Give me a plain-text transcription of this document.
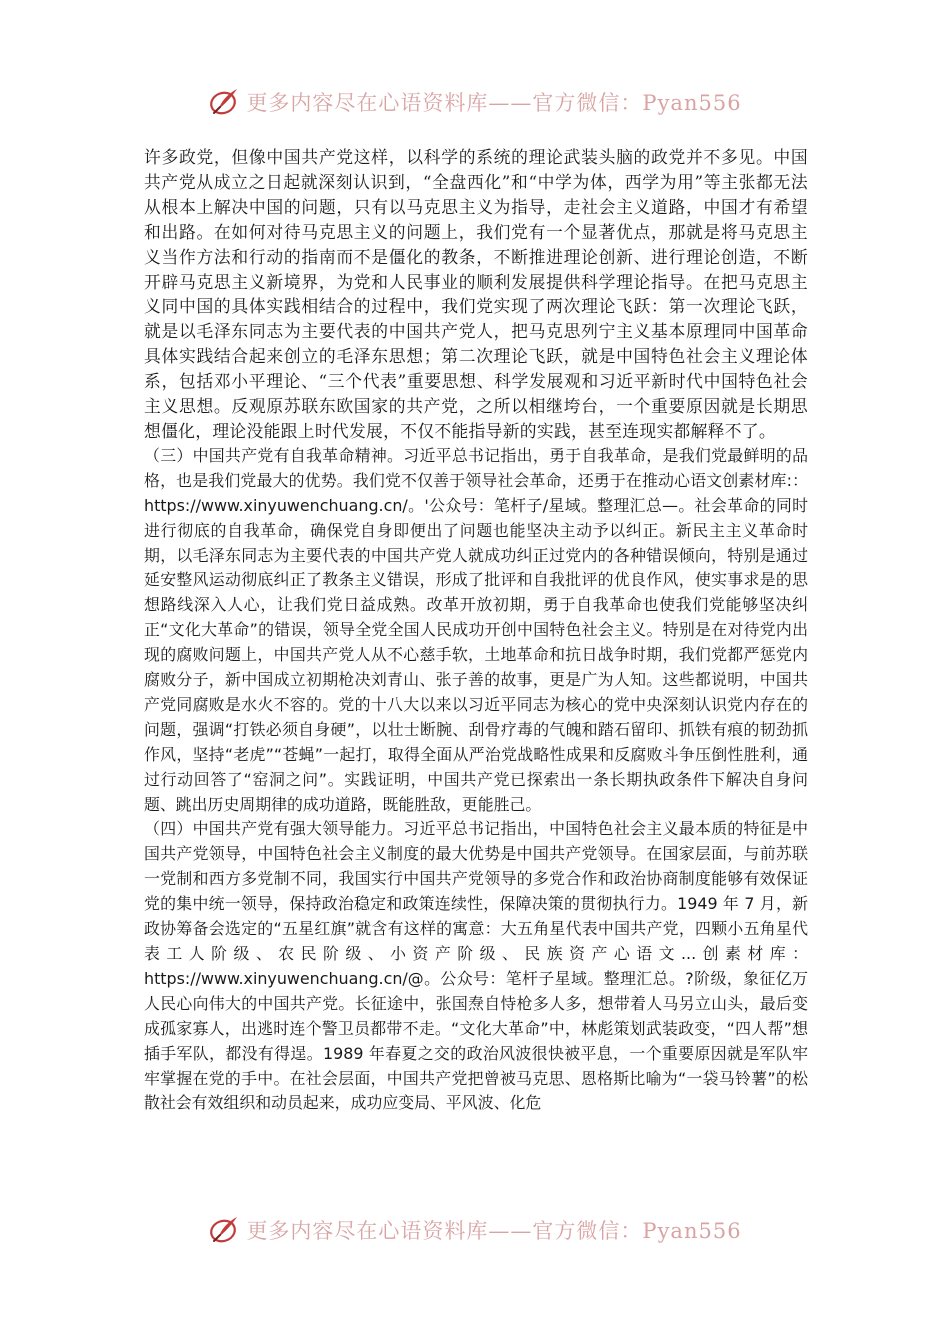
更多内容尽在心语资料库——官方微信：Pyan556

许多政党，但像中国共产党这样，以科学的系统的理论武装头脑的政党并不多见。中国共产党从成立之日起就深刻认识到，“全盘西化”和“中学为体，西学为用”等主张都无法从根本上解决中国的问题，只有以马克思主义为指导，走社会主义道路，中国才有希望和出路。在如何对待马克思主义的问题上，我们党有一个显著优点，那就是将马克思主义当作方法和行动的指南而不是僵化的教条，不断推进理论创新、进行理论创造，不断开辟马克思主义新境界，为党和人民事业的顺利发展提供科学理论指导。在把马克思主义同中国的具体实践相结合的过程中，我们党实现了两次理论飞跃：第一次理论飞跃，就是以毛泽东同志为主要代表的中国共产党人，把马克思列宁主义基本原理同中国革命具体实践结合起来创立的毛泽东思想；第二次理论飞跃，就是中国特色社会主义理论体系，包括邓小平理论、“三个代表”重要思想、科学发展观和习近平新时代中国特色社会主义思想。反观原苏联东欧国家的共产党，之所以相继垮台，一个重要原因就是长期思想僵化，理论没能跟上时代发展，不仅不能指导新的实践，甚至连现实都解释不了。

（三）中国共产党有自我革命精神。习近平总书记指出，勇于自我革命，是我们党最鲜明的品格，也是我们党最大的优势。我们党不仅善于领导社会革命，还勇于在推动心语文创素材库:：https://www.xinyuwenchuang.cn/。'公众号：笔杆子/星域。整理汇总—。社会革命的同时进行彻底的自我革命，确保党自身即便出了问题也能坚决主动予以纠正。新民主主义革命时期，以毛泽东同志为主要代表的中国共产党人就成功纠正过党内的各种错误倾向，特别是通过延安整风运动彻底纠正了教条主义错误，形成了批评和自我批评的优良作风，使实事求是的思想路线深入人心，让我们党日益成熟。改革开放初期，勇于自我革命也使我们党能够坚决纠正“文化大革命”的错误，领导全党全国人民成功开创中国特色社会主义。特别是在对待党内出现的腐败问题上，中国共产党人从不心慈手软，土地革命和抗日战争时期，我们党都严惩党内腐败分子，新中国成立初期枪决刘青山、张子善的故事，更是广为人知。这些都说明，中国共产党同腐败是水火不容的。党的十八大以来以习近平同志为核心的党中央深刻认识党内存在的问题，强调“打铁必须自身硬”，以壮士断腕、刮骨疗毒的气魄和踏石留印、抓铁有痕的韧劲抓作风，坚持“老虎”“苍蝇”一起打，取得全面从严治党战略性成果和反腐败斗争压倒性胜利，通过行动回答了“窑洞之问”。实践证明，中国共产党已探索出一条长期执政条件下解决自身问题、跳出历史周期律的成功道路，既能胜敌，更能胜己。

（四）中国共产党有强大领导能力。习近平总书记指出，中国特色社会主义最本质的特征是中国共产党领导，中国特色社会主义制度的最大优势是中国共产党领导。在国家层面，与前苏联一党制和西方多党制不同，我国实行中国共产党领导的多党合作和政治协商制度能够有效保证党的集中统一领导，保持政治稳定和政策连续性，保障决策的贯彻执行力。1949 年 7 月，新政协筹备会选定的“五星红旗”就含有这样的寓意：大五角星代表中国共产党，四颗小五角星代表工人阶级、农民阶级、小资产阶级、民族资产心语文...创素材库：https://www.xinyuwenchuang.cn/@。公众号：笔杆子星域。整理汇总。?阶级，象征亿万人民心向伟大的中国共产党。长征途中，张国焘自恃枪多人多，想带着人马另立山头，最后变成孤家寡人，出逃时连个警卫员都带不走。“文化大革命”中，林彪策划武装政变，“四人帮”想插手军队，都没有得逞。1989 年春夏之交的政治风波很快被平息，一个重要原因就是军队牢牢掌握在党的手中。在社会层面，中国共产党把曾被马克思、恩格斯比喻为“一袋马铃薯”的松散社会有效组织和动员起来，成功应变局、平风波、化危

更多内容尽在心语资料库——官方微信：Pyan556
